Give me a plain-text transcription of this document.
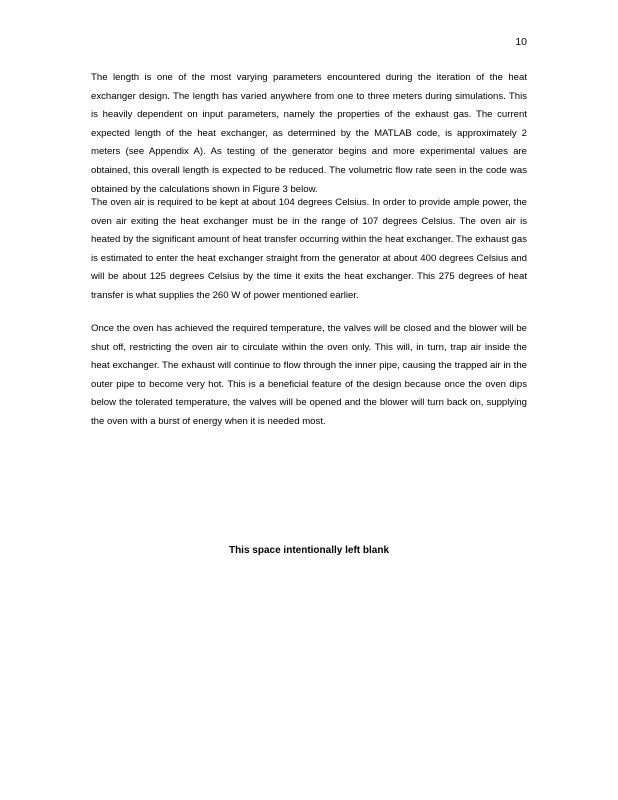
10

The length is one of the most varying parameters encountered during the iteration of the heat exchanger design. The length has varied anywhere from one to three meters during simulations. This is heavily dependent on input parameters, namely the properties of the exhaust gas. The current expected length of the heat exchanger, as determined by the MATLAB code, is approximately 2 meters (see Appendix A). As testing of the generator begins and more experimental values are obtained, this overall length is expected to be reduced. The volumetric flow rate seen in the code was obtained by the calculations shown in Figure 3 below.

The oven air is required to be kept at about 104 degrees Celsius. In order to provide ample power, the oven air exiting the heat exchanger must be in the range of 107 degrees Celsius. The oven air is heated by the significant amount of heat transfer occurring within the heat exchanger. The exhaust gas is estimated to enter the heat exchanger straight from the generator at about 400 degrees Celsius and will be about 125 degrees Celsius by the time it exits the heat exchanger. This 275 degrees of heat transfer is what supplies the 260 W of power mentioned earlier.

Once the oven has achieved the required temperature, the valves will be closed and the blower will be shut off, restricting the oven air to circulate within the oven only. This will, in turn, trap air inside the heat exchanger. The exhaust will continue to flow through the inner pipe, causing the trapped air in the outer pipe to become very hot. This is a beneficial feature of the design because once the oven dips below the tolerated temperature, the valves will be opened and the blower will turn back on, supplying the oven with a burst of energy when it is needed most.

This space intentionally left blank
